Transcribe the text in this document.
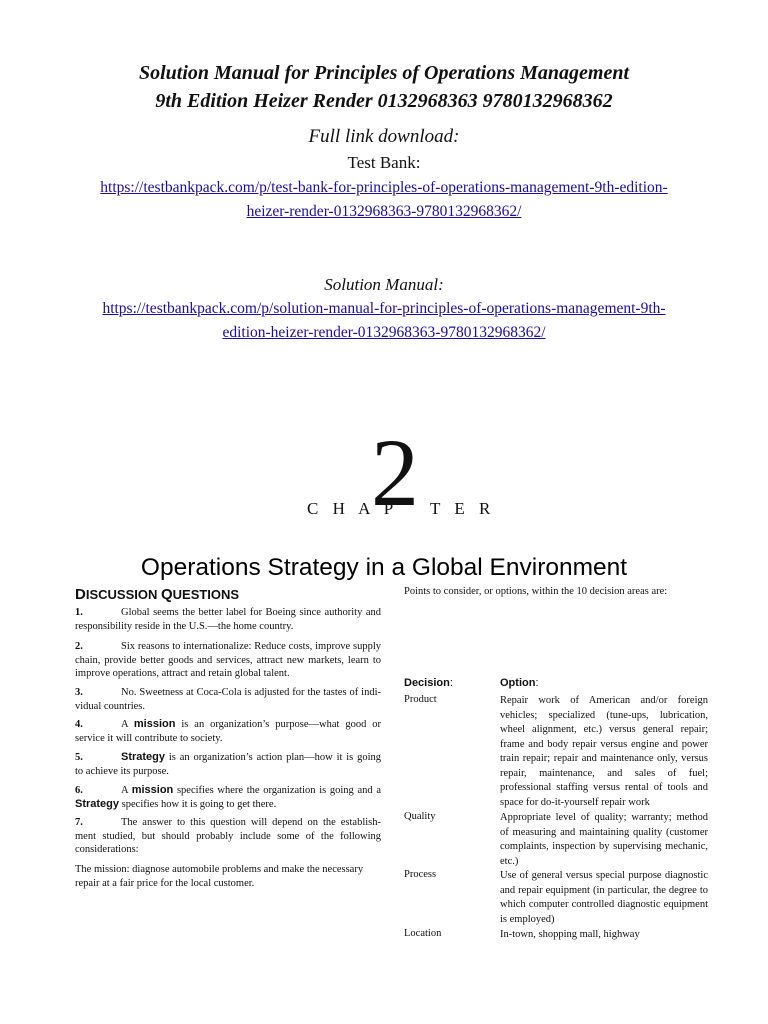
Solution Manual for Principles of Operations Management
9th Edition Heizer Render 0132968363 9780132968362
Full link download:
Test Bank:
https://testbankpack.com/p/test-bank-for-principles-of-operations-management-9th-edition-
heizer-render-0132968363-9780132968362/
Solution Manual:
https://testbankpack.com/p/solution-manual-for-principles-of-operations-management-9th-
edition-heizer-render-0132968363-9780132968362/
C H A P
2 T E R
Operations Strategy in a Global Environment
DISCUSSION QUESTIONS
1.	Global seems the better label for Boeing since authority and responsibility reside in the U.S.—the home country.
2.	Six reasons to internationalize: Reduce costs, improve supply chain, provide better goods and services, attract new markets, learn to improve operations, attract and retain global talent.
3.	No. Sweetness at Coca-Cola is adjusted for the tastes of indi- vidual countries.
4.	A mission is an organization’s purpose—what good or service it will contribute to society.
5.	Strategy is an organization’s action plan—how it is going to achieve its purpose.
6.	A mission specifies where the organization is going and a Strategy specifies how it is going to get there.
7.	The answer to this question will depend on the establish- ment studied, but should probably include some of the following considerations:
The mission: diagnose automobile problems and make the necessary repair at a fair price for the local customer.
Points to consider, or options, within the 10 decision areas are:
Decision:	Option:
Product	Repair work of American and/or foreign vehicles; specialized (tune-ups, lubrication, wheel alignment, etc.) versus general repair; frame and body repair versus engine and power train repair; repair and maintenance only, versus repair, maintenance, and sales of fuel; professional staffing versus rental of tools and space for do-it-yourself repair work
Quality	Appropriate level of quality; warranty; method of measuring and maintaining quality (customer complaints, inspection by supervising mechanic, etc.)
Process	Use of general versus special purpose diagnostic and repair equipment (in particular, the degree to which computer controlled diagnostic equipment is employed)
Location	In-town, shopping mall, highway
